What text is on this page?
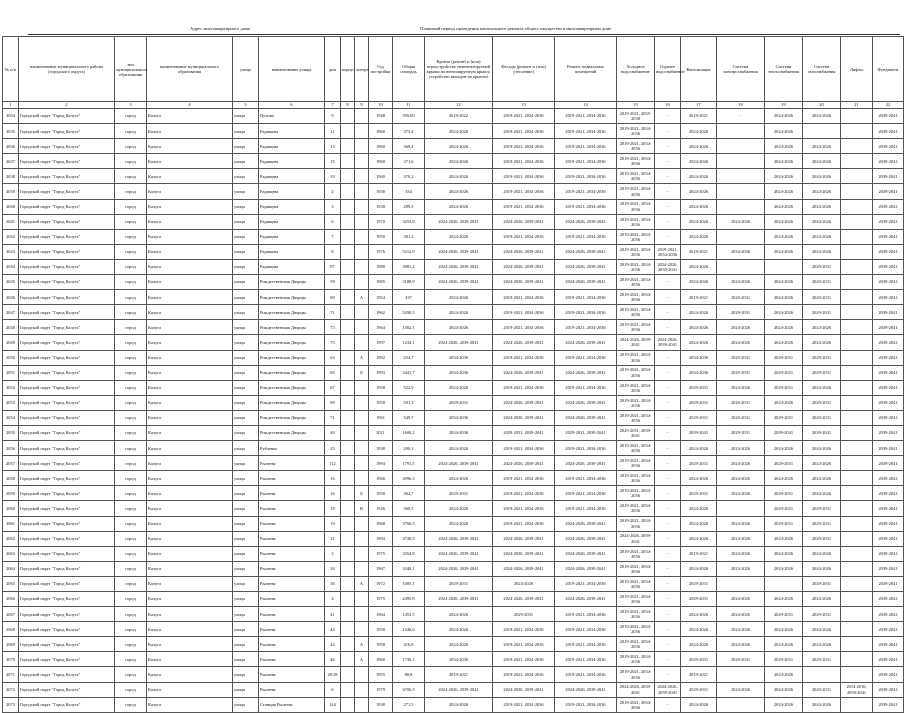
Адрес многоквартирного дома	Плановый период проведения капитального ремонта общего имущества в многоквартирном доме
№ п/п	наименование муниципального района (городского округа)	тип муниципального образования	наименование муниципального образования	улица	наименование улицы	дом	корпус	литера	Год постройки	Общая площадь	Кровля (ремонт и (или) переустройство невентилируемой крыши на вентилируемую крышу, устройство выходов на кровлю)	Фасады (ремонт и (или) утепление)	Ремонт подвальных помещений	Холодное водоснабжение	Горячее водоснабжение	Канализация	Система электроснабжения	Система теплоснабжения	Система газоснабжения	Лифты	Фундамент
1	2	3	4	5	6	7	8	9	10	11	12	13	14	15	16	17	18	19	20	21	22
2034	Городской округ "Город Калуга"	город	Калуга	улица	Пухова	9			1948	595,00	2019-2022	2019-2021, 2034-2036	2019-2021, 2034-2036	2019-2021, 2035-2038	-	2019-2021	-	2024-2026	2024-2026		2039-2041
2035	Городской округ "Город Калуга"	город	Калуга	улица	Радищева	11			1960	373,4	2024-2026	2019-2021, 2034-2036	2019-2021, 2034-2036	2019-2021, 2034-2036	-	2024-2026		2024-2026			2039-2041
2036	Городской округ "Город Калуга"	город	Калуга	улица	Радищева	13			1960	369,4	2024-2026	2019-2021, 2034-2036	2019-2021, 2034-2036	2019-2021, 2034-2036	-	2024-2026		2024-2026	2024-2026		2039-2041
2037	Городской округ "Город Калуга"	город	Калуга	улица	Радищева	15			1960	371,6	2024-2026	2019-2021, 2034-2036	2019-2021, 2034-2036	2019-2021, 2034-2036	-	2024-2026		2024-2026	2024-2026		2039-2041
2038	Городской округ "Город Калуга"	город	Калуга	улица	Радищева	19			1960	370,2	2024-2026	2019-2021, 2034-2036	2019-2021, 2034-2036	2019-2021, 2034-2036	-	2024-2026		2024-2026	2024-2026		2039-2041
2039	Городской округ "Город Калуга"	город	Калуга	улица	Радищева	2			1938	334	2024-2026	2019-2021, 2034-2036	2019-2021, 2034-2036	2019-2021, 2034-2036	-	2024-2026		2024-2026	2024-2026		2039-2041
2040	Городской округ "Город Калуга"	город	Калуга	улица	Радищева	3			1938	289,3	2024-2026	2019-2021, 2034-2036	2019-2021, 2034-2036	2019-2021, 2034-2036	-	2024-2026		2024-2026	2024-2026		2039-2041
2041	Городской округ "Город Калуга"	город	Калуга	улица	Радищева	6			1970	3253,9	2024-2026, 2039-2041	2024-2026, 2039-2041	2024-2026, 2039-2041	2019-2021, 2034-2036	-	2024-2026	2024-2026	2024-2026	2024-2026		2039-2041
2042	Городской округ "Город Калуга"	город	Калуга	улица	Радищева	7			1950	381,2	2024-2026	2019-2021, 2034-2036	2019-2021, 2034-2036	2019-2021, 2034-2036	-	2024-2026		2024-2026	2024-2026		2039-2041
2043	Городской округ "Город Калуга"	город	Калуга	улица	Радищева	8			1976	5212,9	2024-2026, 2039-2041	2024-2026, 2039-2041	2024-2026, 2039-2041	2019-2021, 2034-2036	2019-2021, 2034-2036	2019-2021	2034-2036	2024-2026	2024-2026		2039-2041
2044	Городской округ "Город Калуга"	город	Калуга	улица	Радищева	87			1980	3081,4	2024-2026, 2039-2041	2024-2026, 2039-2041	2024-2026, 2039-2041	2019-2021, 2034-2036	2024-2026, 2039-2041	2024-2026			2029-2031		2039-2041
2045	Городской округ "Город Калуга"	город	Калуга	улица	Рождественская Дворцы	59			1985	3188,9	2024-2026, 2039-2041	2024-2026, 2039-2041	2024-2026, 2039-2041	2019-2021, 2034-2036	-	2024-2026	2024-2026	2024-2026	2029-2031		2039-2041
2046	Городской округ "Город Калуга"	город	Калуга	улица	Рождественская Дворцы	69		А	1954	437	2024-2026	2019-2021, 2034-2036	2019-2021, 2034-2036	2019-2021, 2034-2036	-	2019-2021	2029-2031	2024-2026	2029-2031		2039-2041
2047	Городской округ "Город Калуга"	город	Калуга	улица	Рождественская Дворцы	71			1962	5298,5	2024-2026	2019-2021, 2034-2036	2019-2021, 2034-2036	2019-2021, 2034-2036	-	2024-2026	2029-2031	2024-2026	2029-2031		2039-2041
2048	Городской округ "Город Калуга"	город	Калуга	улица	Рождественская Дворцы	73			1964	1302,1	2024-2026	2019-2021, 2034-2036	2019-2021, 2034-2036	2019-2021, 2034-2036	-	2024-2026	2024-2026	2024-2026	2024-2026		2039-2041
2049	Городской округ "Город Калуга"	город	Калуга	улица	Рождественская Дворцы	75			1997	1234,1	2024-2026, 2039-2041	2024-2026, 2039-2041	2024-2026, 2039-2041	2024-2026, 2039-2041	2024-2026, 2039-2041	2024-2026	2024-2026	2024-2026	2024-2026		2039-2041
2050	Городской округ "Город Калуга"	город	Калуга	улица	Рождественская Дворцы	63		А	1992	254,7	2034-2036	2019-2021, 2034-2036	2019-2021, 2034-2036	2019-2021, 2034-2036	-	2034-2036	2029-2031	2029-2031	2029-2031		2039-2041
2051	Городской округ "Город Калуга"	город	Калуга	улица	Рождественская Дворцы	65		Б	1993	3441,7	2034-2036	2024-2026, 2039-2041	2024-2026, 2039-2041	2019-2021, 2034-2036	-	2034-2036	2029-2031	2029-2031	2029-2031		2039-2041
2052	Городской округ "Город Калуга"	город	Калуга	улица	Рождественская Дворцы	67			1958	522,9	2024-2026	2019-2021, 2034-2036	2019-2021, 2034-2036	2019-2021, 2034-2036	-	2029-2031	2024-2026	2029-2031	2024-2026		2039-2041
2053	Городской округ "Город Калуга"	город	Калуга	улица	Рождественская Дворцы	69			1958	501,3	2029-2031	2024-2026, 2039-2041	2024-2026, 2039-2041	2019-2021, 2034-2036	-	2029-2031	2029-2031	2024-2026	2029-2031		2039-2041
2054	Городской округ "Город Калуга"	город	Калуга	улица	Рождественская Дворцы	71			1961	549,7	2034-2036	2024-2026, 2039-2041	2024-2026, 2039-2041	2019-2021, 2034-2036	-	2029-2031	2029-2031	2029-2031	2029-2031		2039-2041
2055	Городской округ "Город Калуга"	город	Калуга	улица	Рождественская Дворцы	40			2011	1600,2	2034-2036	2029-2031, 2039-2041	2029-2031, 2039-2041	2029-2031, 2039-2041	-	2039-2041	2029-2031	2039-2041	2039-2041		2039-2041
2056	Городской округ "Город Калуга"	город	Калуга	улица	Рублевка	25			1938	290,1	2024-2026	2019-2021, 2034-2036	2019-2021, 2034-2036	2019-2021, 2034-2036	-	2024-2026	2024-2026	2024-2026	2024-2026		2039-2041
2057	Городской округ "Город Калуга"	город	Калуга	улица	Рылеева	112			1994	1791,5	2024-2026, 2039-2041	2024-2026, 2039-2041	2024-2026, 2039-2041	2019-2021, 2034-2036	-	2029-2031	2024-2026	2029-2031	2024-2026		2039-2041
2058	Городской округ "Город Калуга"	город	Калуга	улица	Рылеева	16			1966	2996,3	2024-2026	2019-2021, 2034-2036	2019-2021, 2034-2036	2019-2021, 2034-2036	-	2024-2026	2024-2026	2024-2026	2024-2026		2039-2041
2059	Городской округ "Город Калуга"	город	Калуга	улица	Рылеева	16		Б	1958	362,7	2029-2031	2019-2021, 2034-2036	2019-2021, 2034-2036	2019-2021, 2034-2036	-	2029-2031	2024-2026	2029-2031	2024-2026		2039-2041
2060	Городской округ "Город Калуга"	город	Калуга	улица	Рылеева	18		В	1946	360,5	2024-2026	2019-2021, 2034-2036	2019-2021, 2034-2036	2019-2021, 2034-2036	-	2024-2026		2029-2031	2029-2031		2039-2041
2061	Городской округ "Город Калуга"	город	Калуга	улица	Рылеева	19			1968	3766,5	2024-2026	2019-2021, 2034-2036	2024-2026, 2039-2041	2019-2021, 2034-2036	-	2024-2026	2024-2026	2029-2031	2029-2031		2039-2041
2062	Городской округ "Город Калуга"	город	Калуга	улица	Рылеева	21			1994	4740,5	2024-2026, 2039-2041	2024-2026, 2039-2041	2024-2026, 2039-2041	2024-2026, 2039-2041	-	2024-2026	2024-2026	2024-2026	2029-2031		2039-2041
2063	Городской округ "Город Калуга"	город	Калуга	улица	Рылеева	3			1975	3354,8	2024-2026, 2039-2041	2024-2026, 2039-2041	2024-2026, 2039-2041	2019-2021, 2034-2036	-	2019-2021	2024-2026	2024-2026	2024-2026		2039-2041
2064	Городской округ "Город Калуга"	город	Калуга	улица	Рылеева	34			1967	3340,1	2024-2026, 2039-2041	2024-2026, 2039-2041	2024-2026, 2039-2041	2019-2021, 2034-2036	-	2024-2026	2024-2026	2024-2026	2024-2026		2039-2041
2065	Городской округ "Город Калуга"	город	Калуга	улица	Рылеева	36		А	1972	1085,1	2029-2031	2024-2026	2019-2021, 2034-2036	2019-2021, 2034-2036	-	2029-2031			2029-2031		2039-2041
2066	Городской округ "Город Калуга"	город	Калуга	улица	Рылеева	4			1975	2495,8	2024-2026, 2039-2041	2024-2026, 2039-2041	2024-2026, 2039-2041	2019-2021, 2034-2036	-	2029-2031	2024-2026	2024-2026	2024-2026		2039-2041
2067	Городской округ "Город Калуга"	город	Калуга	улица	Рылеева	41			1964	1453,5	2024-2026	2029-2031	2019-2021, 2034-2036	2019-2021, 2034-2036	-	2024-2026	2024-2026	2029-2031	2029-2031		2039-2041
2068	Городской округ "Город Калуга"	город	Калуга	улица	Рылеева	44			1958	1346,6	2024-2026	2019-2021, 2034-2036	2019-2021, 2034-2036	2019-2021, 2034-2036	-	2024-2026	2024-2026	2024-2026	2024-2026		2039-2041
2069	Городской округ "Город Калуга"	город	Калуга	улица	Рылеева	44		А	1958	416,8	2024-2026	2019-2021, 2034-2036	2019-2021, 2034-2036	2019-2021, 2034-2036	-	2024-2026	2024-2026	2024-2026	2024-2026		2039-2041
2070	Городской округ "Город Калуга"	город	Калуга	улица	Рылеева	46		А	1960	1730,1	2034-2036	2019-2021, 2034-2036	2019-2021, 2034-2036	2019-2021, 2034-2036	-	2029-2031	2029-2031	2029-2031	2029-2031		2039-2041
2071	Городской округ "Город Калуга"	город	Калуга	улица	Рылеева	28/18			1955	88,8	2019-2021	2019-2021, 2034-2036	2019-2021, 2034-2036	2019-2021, 2034-2036	-	2019-2021		2024-2026			2039-2041
2072	Городской округ "Город Калуга"	город	Калуга	улица	Рылеева	6			1979	6706,3	2024-2026, 2039-2041	2024-2026, 2039-2041	2024-2026, 2039-2041	2024-2026, 2039-2041	2024-2026, 2039-2041	2029-2031	2024-2026	2024-2026	2029-2031	2014-2016, 2039-2041	2039-2041
2073	Городской округ "Город Калуга"	город	Калуга	улица	Станция Рылеева	144			1938	271,5	2024-2026	2019-2021, 2034-2036	2019-2021, 2034-2036	2019-2021, 2034-2036	-	2024-2026		2024-2026	2024-2026		2039-2041
